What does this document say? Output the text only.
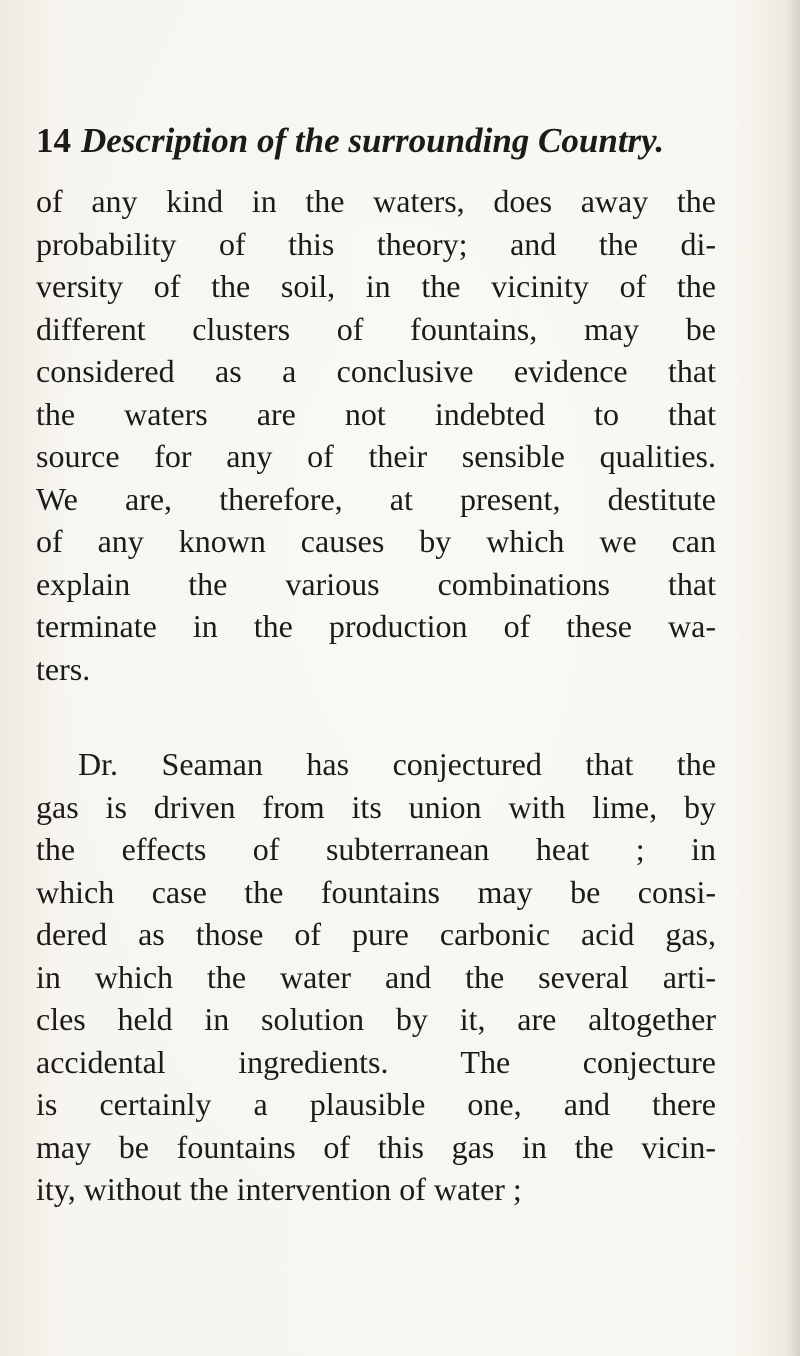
14 Description of the surrounding Country.
of any kind in the waters, does away the
probability of this theory; and the di-
versity of the soil, in the vicinity of the
different clusters of fountains, may be
considered as a conclusive evidence that
the waters are not indebted to that
source for any of their sensible qualities.
We are, therefore, at present, destitute
of any known causes by which we can
explain the various combinations that
terminate in the production of these wa-
ters.
Dr. Seaman has conjectured that the
gas is driven from its union with lime, by
the effects of subterranean heat ; in
which case the fountains may be consi-
dered as those of pure carbonic acid gas,
in which the water and the several arti-
cles held in solution by it, are altogether
accidental ingredients. The conjecture
is certainly a plausible one, and there
may be fountains of this gas in the vicin-
ity, without the intervention of water ;
